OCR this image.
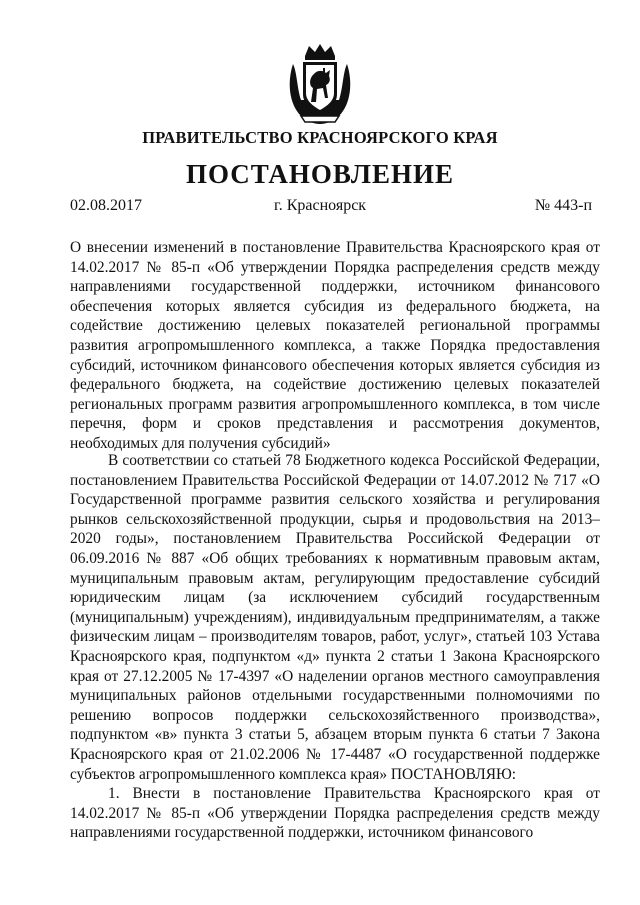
ПРАВИТЕЛЬСТВО КРАСНОЯРСКОГО КРАЯ
ПОСТАНОВЛЕНИЕ
г. Красноярск
02.08.2017	№ 443-п

О внесении изменений в постановление Правительства Красноярского края от 14.02.2017 № 85-п «Об утверждении Порядка распределения средств между направлениями государственной поддержки, источником финансового обеспечения которых является субсидия из федерального бюджета, на содействие достижению целевых показателей региональной программы развития агропромышленного комплекса, а также Порядка предоставления субсидий, источником финансового обеспечения которых является субсидия из федерального бюджета, на содействие достижению целевых показателей региональных программ развития агропромышленного комплекса, в том числе перечня, форм и сроков представления и рассмотрения документов, необходимых для получения субсидий»

В соответствии со статьей 78 Бюджетного кодекса Российской Федерации, постановлением Правительства Российской Федерации от 14.07.2012 № 717 «О Государственной программе развития сельского хозяйства и регулирования рынков сельскохозяйственной продукции, сырья и продовольствия на 2013–2020 годы», постановлением Правительства Российской Федерации от 06.09.2016 № 887 «Об общих требованиях к нормативным правовым актам, муниципальным правовым актам, регулирующим предоставление субсидий юридическим лицам (за исключением субсидий государственным (муниципальным) учреждениям), индивидуальным предпринимателям, а также физическим лицам – производителям товаров, работ, услуг», статьей 103 Устава Красноярского края, подпунктом «д» пункта 2 статьи 1 Закона Красноярского края от 27.12.2005 № 17-4397 «О наделении органов местного самоуправления муниципальных районов отдельными государственными полномочиями по решению вопросов поддержки сельскохозяйственного производства», подпунктом «в» пункта 3 статьи 5, абзацем вторым пункта 6 статьи 7 Закона Красноярского края от 21.02.2006 № 17-4487 «О государственной поддержке субъектов агропромышленного комплекса края» ПОСТАНОВЛЯЮ:

1. Внести в постановление Правительства Красноярского края от 14.02.2017 № 85-п «Об утверждении Порядка распределения средств между направлениями государственной поддержки, источником финансового
